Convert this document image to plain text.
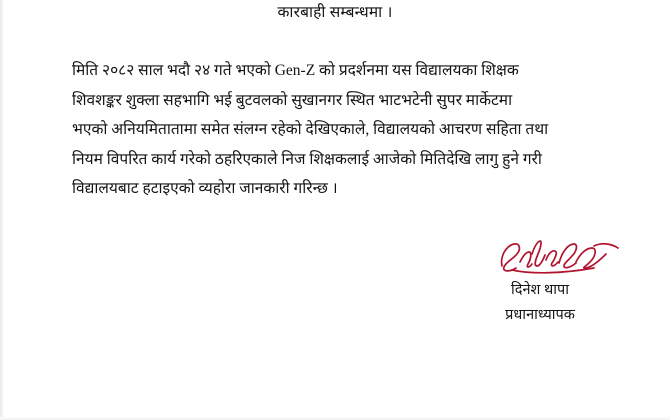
कारबाही सम्बन्धमा ।

मिति २०८२ साल भदौ २४ गते भएको Gen-Z को प्रदर्शनमा यस विद्यालयका शिक्षक
शिवशङ्कर शुक्ला सहभागि भई बुटवलको सुखानगर स्थित भाटभटेनी सुपर मार्केटमा
भएको अनियमितातामा समेत संलग्न रहेको देखिएकाले, विद्यालयको आचरण सहिता तथा
नियम विपरित कार्य गरेको ठहरिएकाले निज शिक्षकलाई आजेको मितिदेखि लागु हुने गरी
विद्यालयबाट हटाइएको व्यहोरा जानकारी गरिन्छ ।

दिनेश थापा
प्रधानाध्यापक
